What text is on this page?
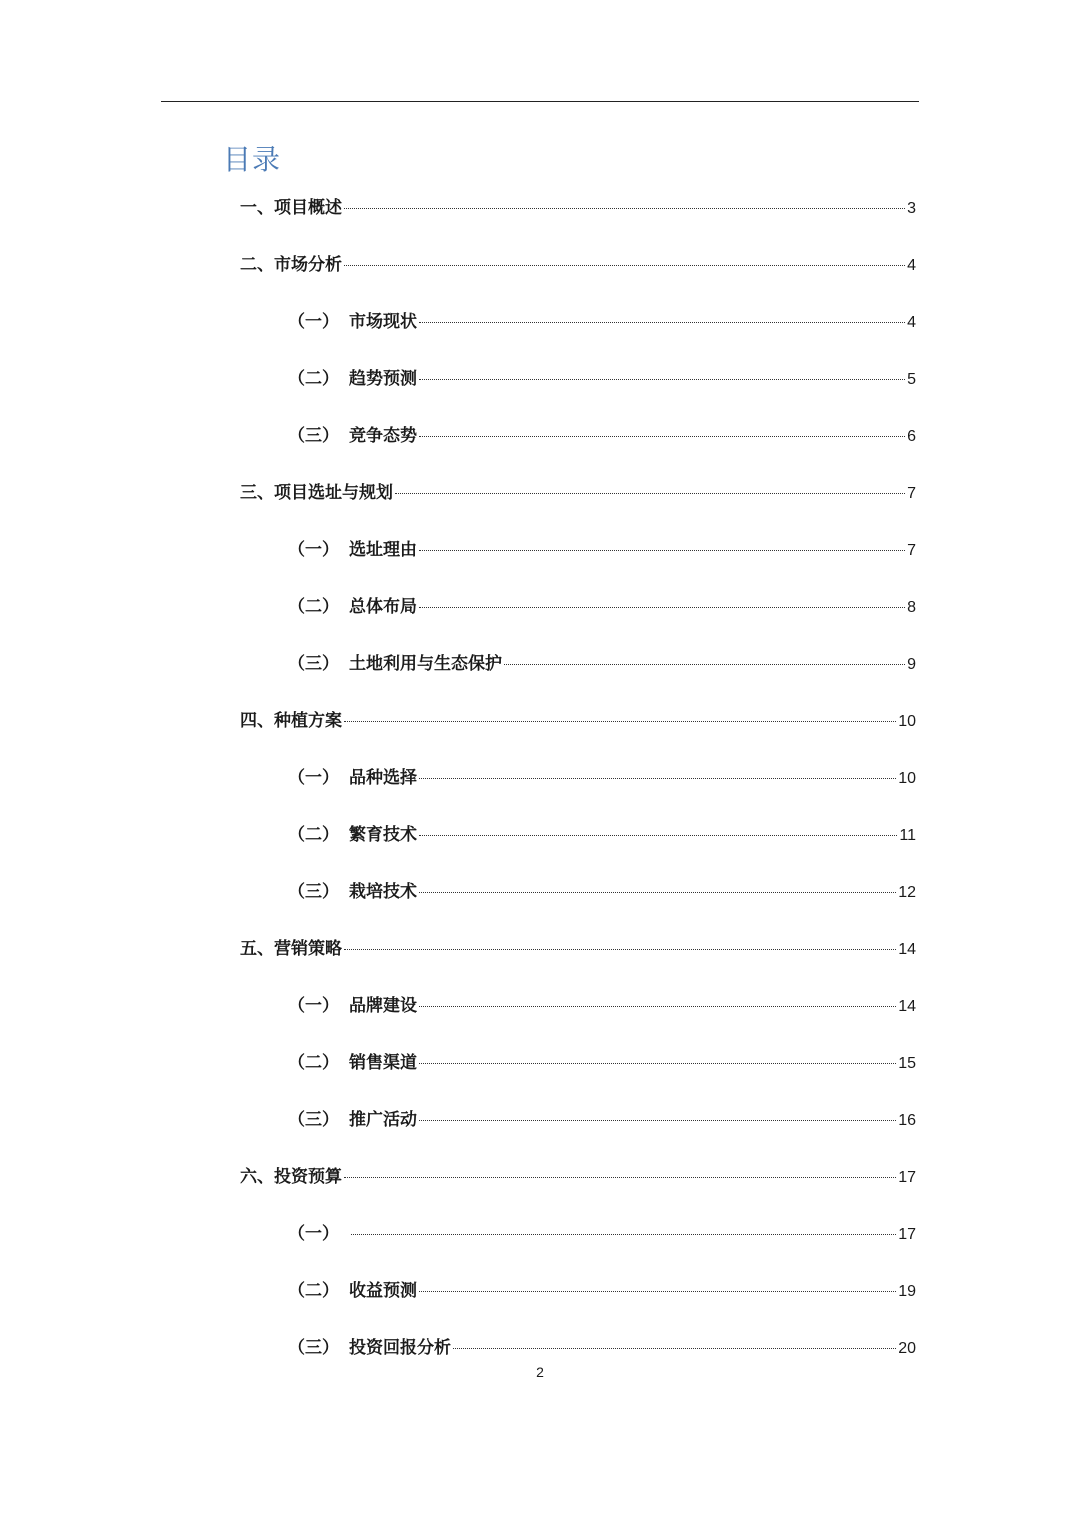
目录
一、项目概述	3
二、市场分析	4
（一） 市场现状	4
（二） 趋势预测	5
（三） 竞争态势	6
三、项目选址与规划	7
（一） 选址理由	7
（二） 总体布局	8
（三） 土地利用与生态保护	9
四、种植方案	10
（一） 品种选择	10
（二） 繁育技术	11
（三） 栽培技术	12
五、营销策略	14
（一） 品牌建设	14
（二） 销售渠道	15
（三） 推广活动	16
六、投资预算	17
（一）	17
（二） 收益预测	19
（三） 投资回报分析	20
2
